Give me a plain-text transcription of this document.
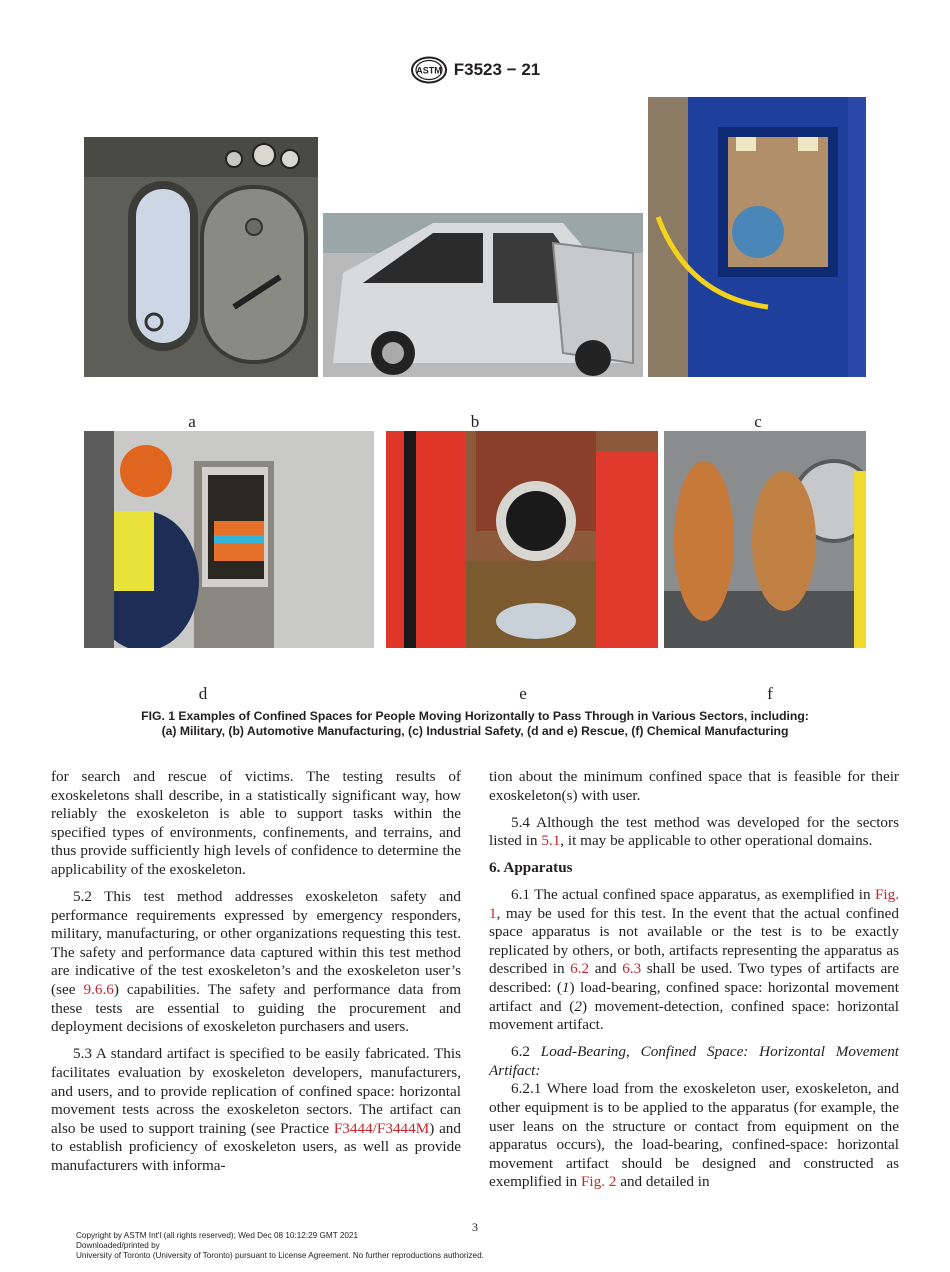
ASTM F3523 − 21
a	b	c
d	e	f
FIG. 1 Examples of Confined Spaces for People Moving Horizontally to Pass Through in Various Sectors, including:
(a) Military, (b) Automotive Manufacturing, (c) Industrial Safety, (d and e) Rescue, (f) Chemical Manufacturing

for search and rescue of victims. The testing results of exoskeletons shall describe, in a statistically significant way, how reliably the exoskeleton is able to support tasks within the specified types of environments, confinements, and terrains, and thus provide sufficiently high levels of confidence to determine the applicability of the exoskeleton.

5.2 This test method addresses exoskeleton safety and performance requirements expressed by emergency responders, military, manufacturing, or other organizations requesting this test. The safety and performance data captured within this test method are indicative of the test exoskeleton’s and the exoskeleton user’s (see 9.6.6) capabilities. The safety and performance data from these tests are essential to guiding the procurement and deployment decisions of exoskeleton purchasers and users.

5.3 A standard artifact is specified to be easily fabricated. This facilitates evaluation by exoskeleton developers, manufacturers, and users, and to provide replication of confined space: horizontal movement tests across the exoskeleton sectors. The artifact can also be used to support training (see Practice F3444/F3444M) and to establish proficiency of exoskeleton users, as well as provide manufacturers with informa-

tion about the minimum confined space that is feasible for their exoskeleton(s) with user.

5.4 Although the test method was developed for the sectors listed in 5.1, it may be applicable to other operational domains.

6. Apparatus

6.1 The actual confined space apparatus, as exemplified in Fig. 1, may be used for this test. In the event that the actual confined space apparatus is not available or the test is to be exactly replicated by others, or both, artifacts representing the apparatus as described in 6.2 and 6.3 shall be used. Two types of artifacts are described: (1) load-bearing, confined space: horizontal movement artifact and (2) movement-detection, confined space: horizontal movement artifact.

6.2 Load-Bearing, Confined Space: Horizontal Movement Artifact:

6.2.1 Where load from the exoskeleton user, exoskeleton, and other equipment is to be applied to the apparatus (for example, the user leans on the structure or contact from equipment on the apparatus occurs), the load-bearing, confined-space: horizontal movement artifact should be designed and constructed as exemplified in Fig. 2 and detailed in

3
Copyright by ASTM Int'l (all rights reserved); Wed Dec 08 10:12:29 GMT 2021
Downloaded/printed by
University of Toronto (University of Toronto) pursuant to License Agreement. No further reproductions authorized.
